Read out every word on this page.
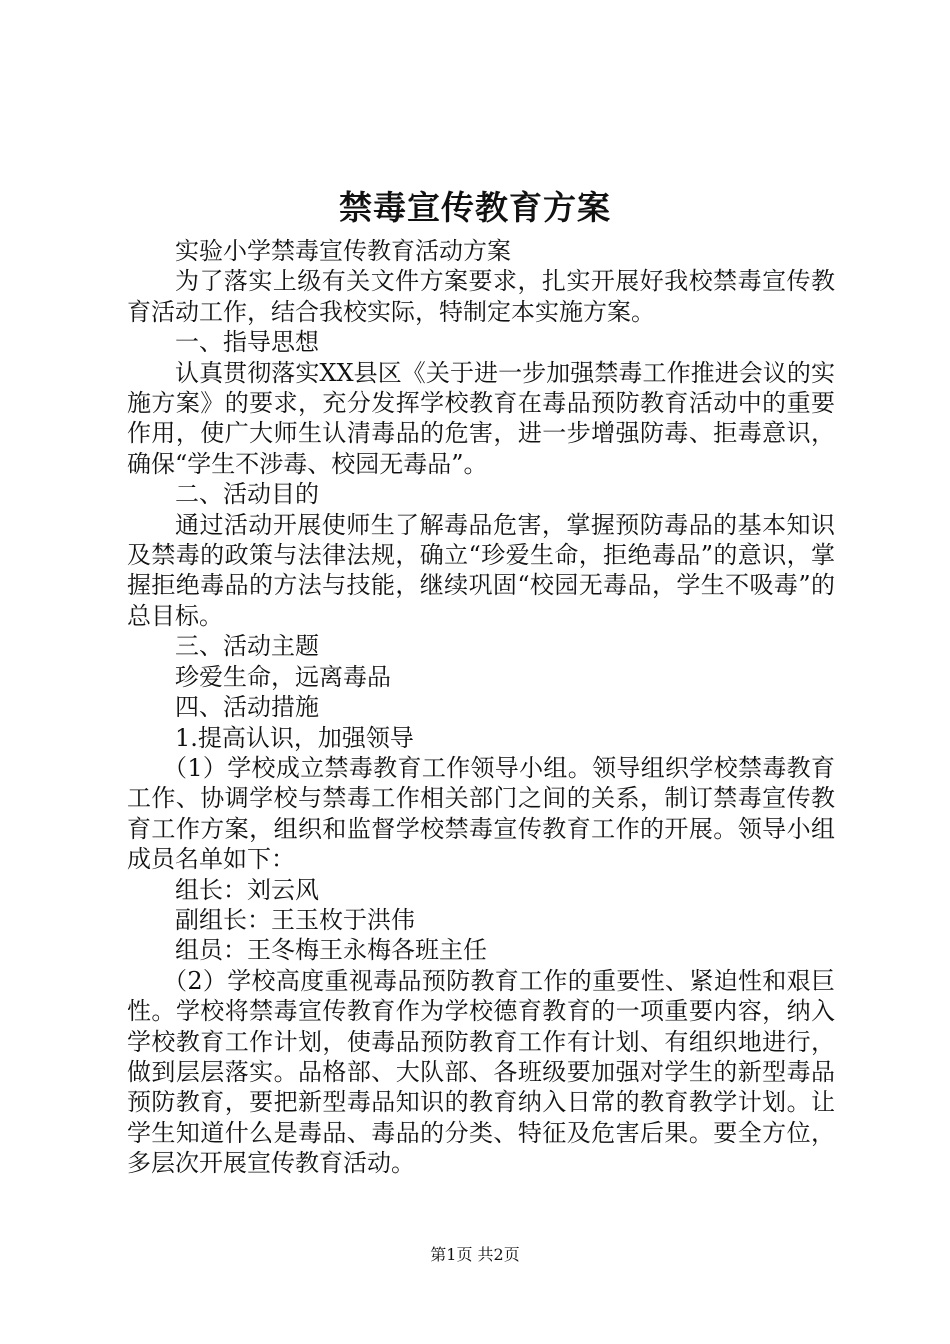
禁毒宣传教育方案

实验小学禁毒宣传教育活动方案

为了落实上级有关文件方案要求，扎实开展好我校禁毒宣传教育活动工作，结合我校实际，特制定本实施方案。

一、指导思想

认真贯彻落实XX县区《关于进一步加强禁毒工作推进会议的实施方案》的要求，充分发挥学校教育在毒品预防教育活动中的重要作用，使广大师生认清毒品的危害，进一步增强防毒、拒毒意识，确保“学生不涉毒、校园无毒品”。

二、活动目的

通过活动开展使师生了解毒品危害，掌握预防毒品的基本知识及禁毒的政策与法律法规，确立“珍爱生命，拒绝毒品”的意识，掌握拒绝毒品的方法与技能，继续巩固“校园无毒品，学生不吸毒”的总目标。

三、活动主题

珍爱生命，远离毒品

四、活动措施

1.提高认识，加强领导

（1）学校成立禁毒教育工作领导小组。领导组织学校禁毒教育工作、协调学校与禁毒工作相关部门之间的关系，制订禁毒宣传教育工作方案，组织和监督学校禁毒宣传教育工作的开展。领导小组成员名单如下：

组长：刘云风

副组长：王玉枚于洪伟

组员：王冬梅王永梅各班主任

（2）学校高度重视毒品预防教育工作的重要性、紧迫性和艰巨性。学校将禁毒宣传教育作为学校德育教育的一项重要内容，纳入学校教育工作计划，使毒品预防教育工作有计划、有组织地进行，做到层层落实。品格部、大队部、各班级要加强对学生的新型毒品预防教育，要把新型毒品知识的教育纳入日常的教育教学计划。让学生知道什么是毒品、毒品的分类、特征及危害后果。要全方位，多层次开展宣传教育活动。

第1页 共2页
